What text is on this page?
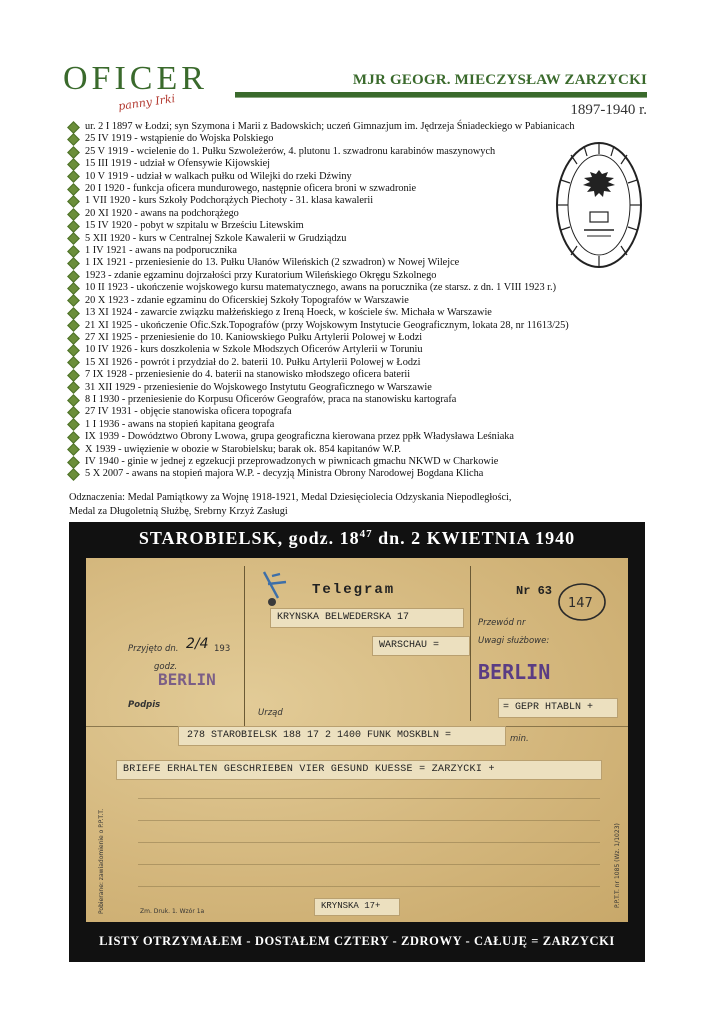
OFICER
panny Irki
MJR GEOGR. MIECZYSŁAW ZARZYCKI
1897-1940 r.
ur. 2 I 1897 w Łodzi; syn Szymona i Marii z Badowskich; uczeń Gimnazjum im. Jędrzeja Śniadeckiego w Pabianicach
25 IV 1919 - wstąpienie do Wojska Polskiego
25 V 1919 - wcielenie do 1. Pułku Szwoleżerów, 4. plutonu 1. szwadronu karabinów maszynowych
15 III 1919 - udział w Ofensywie Kijowskiej
10 V 1919 - udział w walkach pułku od Wilejki do rzeki Dźwiny
20 I 1920 - funkcja oficera mundurowego, następnie oficera broni w szwadronie
1 VII 1920 - kurs Szkoły Podchorążych Piechoty - 31. klasa kawalerii
20 XI 1920 - awans na podchorążego
15 IV 1920 - pobyt w szpitalu w Brześciu Litewskim
5 XII 1920 - kurs w Centralnej Szkole Kawalerii w Grudziądzu
1 IV 1921 - awans na podporucznika
1 IX 1921 - przeniesienie do 13. Pułku Ułanów Wileńskich (2 szwadron) w Nowej Wilejce
1923 - zdanie egzaminu dojrzałości przy Kuratorium Wileńskiego Okręgu Szkolnego
10 II 1923 - ukończenie wojskowego kursu matematycznego, awans na porucznika (ze starsz. z dn. 1 VIII 1923 r.)
20 X 1923 - zdanie egzaminu do Oficerskiej Szkoły Topografów w Warszawie
13 XI 1924 - zawarcie związku małżeńskiego z Ireną Hoeck, w kościele św. Michała w Warszawie
21 XI 1925 - ukończenie Ofic.Szk.Topografów (przy Wojskowym Instytucie Geograficznym, lokata 28, nr 11613/25)
27 XI 1925 - przeniesienie do 10. Kaniowskiego Pułku Artylerii Polowej w Łodzi
10 IV 1926 - kurs doszkolenia w Szkole Młodszych Oficerów Artylerii w Toruniu
15 XI 1926 - powrót i przydział do 2. baterii 10. Pułku Artylerii Polowej w Łodzi
7 IX 1928 - przeniesienie do 4. baterii na stanowisko młodszego oficera baterii
31 XII 1929 - przeniesienie do Wojskowego Instytutu Geograficznego w Warszawie
8 I 1930 - przeniesienie do Korpusu Oficerów Geografów, praca na stanowisku kartografa
27 IV 1931 - objęcie stanowiska oficera topografa
1 I 1936 - awans na stopień kapitana geografa
IX 1939 - Dowództwo Obrony Lwowa, grupa geograficzna kierowana przez ppłk Władysława Leśniaka
X 1939 - uwięzienie w obozie w Starobielsku; barak ok. 854 kapitanów W.P.
IV 1940 - ginie w jednej z egzekucji przeprowadzonych w piwnicach gmachu NKWD w Charkowie
5 X 2007 - awans na stopień majora W.P. - decyzją Ministra Obrony Narodowej Bogdana Klicha
Odznaczenia: Medal Pamiątkowy za Wojnę 1918-1921, Medal Dziesięciolecia Odzyskania Niepodległości,
Medal za Długoletnią Służbę, Srebrny Krzyż Zasługi
STAROBIELSK, godz. $18^{47}$ dn. 2 KWIETNIA 1940
Telegram	Nr 63
KRYNSKA BELWEDERSKA 17
WARSCHAU =
Przewód nr
Uwagi służbowe:
BERLIN
147
Przyjęto dn. 2/4 193
godz.
BERLIN
Podpis
Urząd	= GEPR HTABLN +
278 STAROBIELSK 188 17 2 1400 FUNK MOSKBLN =	min.
BRIEFE ERHALTEN GESCHRIEBEN VIER GESUND KUESSE = ZARZYCKI +
KRYNSKA 17+
Zm. Druk. 1. Wzór 1a
Pobierane: zawiadomienie o P.P.T.T.	P.P.T.T. nr 1085 (Wz. 1/1023)
LISTY OTRZYMAŁEM - DOSTAŁEM CZTERY - ZDROWY - CAŁUJĘ = ZARZYCKI
